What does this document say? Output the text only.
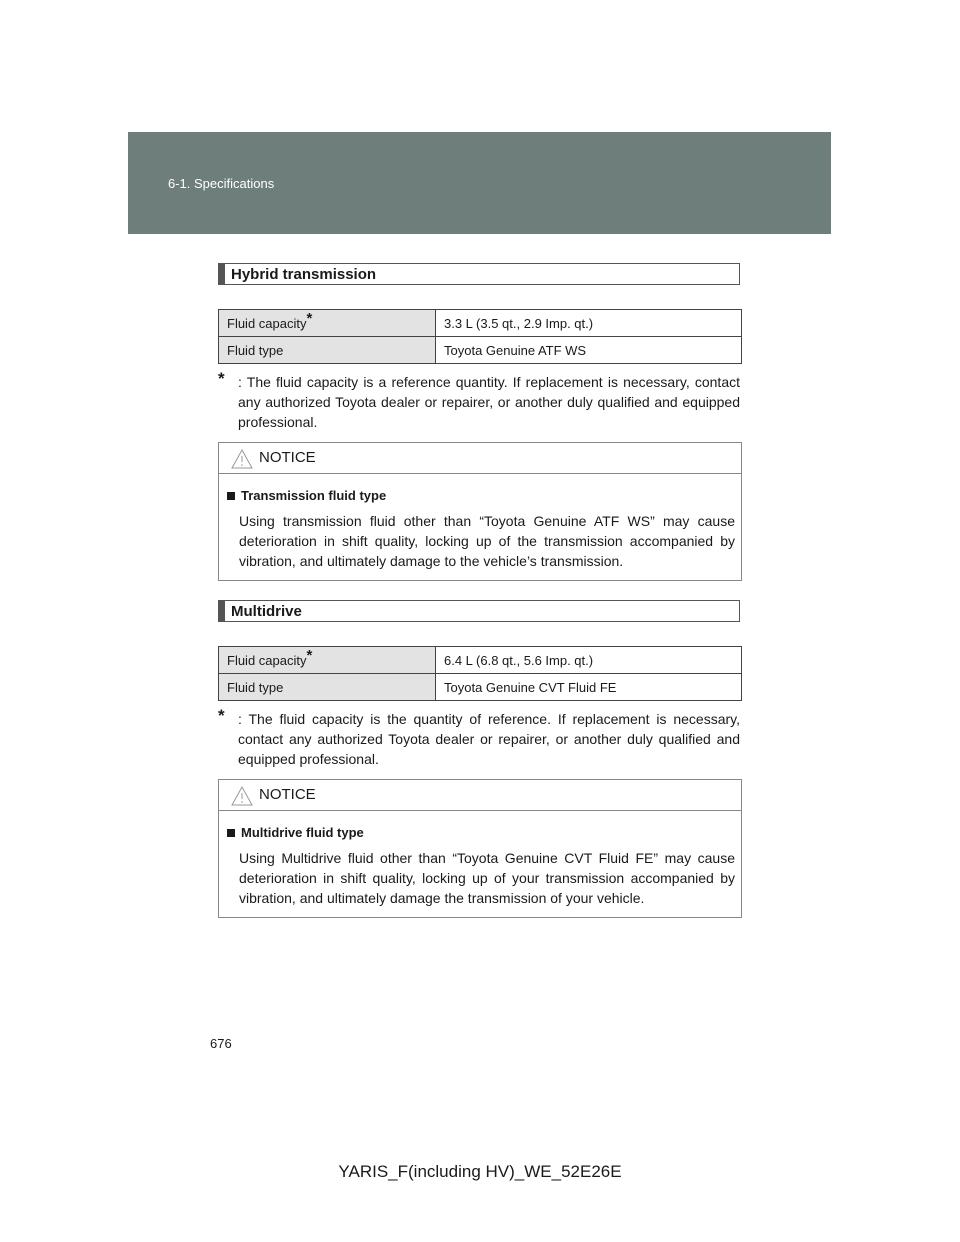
6-1. Specifications
Hybrid transmission
Fluid capacity*	3.3 L (3.5 qt., 2.9 Imp. qt.)
Fluid type	Toyota Genuine ATF WS
* : The fluid capacity is a reference quantity. If replacement is necessary, contact any authorized Toyota dealer or repairer, or another duly qualified and equipped professional.
NOTICE
Transmission fluid type
Using transmission fluid other than “Toyota Genuine ATF WS” may cause deterioration in shift quality, locking up of the transmission accompanied by vibration, and ultimately damage to the vehicle’s transmission.
Multidrive
Fluid capacity*	6.4 L (6.8 qt., 5.6 Imp. qt.)
Fluid type	Toyota Genuine CVT Fluid FE
* : The fluid capacity is the quantity of reference. If replacement is necessary, contact any authorized Toyota dealer or repairer, or another duly qualified and equipped professional.
NOTICE
Multidrive fluid type
Using Multidrive fluid other than “Toyota Genuine CVT Fluid FE” may cause deterioration in shift quality, locking up of your transmission accompanied by vibration, and ultimately damage the transmission of your vehicle.
676
YARIS_F(including HV)_WE_52E26E
